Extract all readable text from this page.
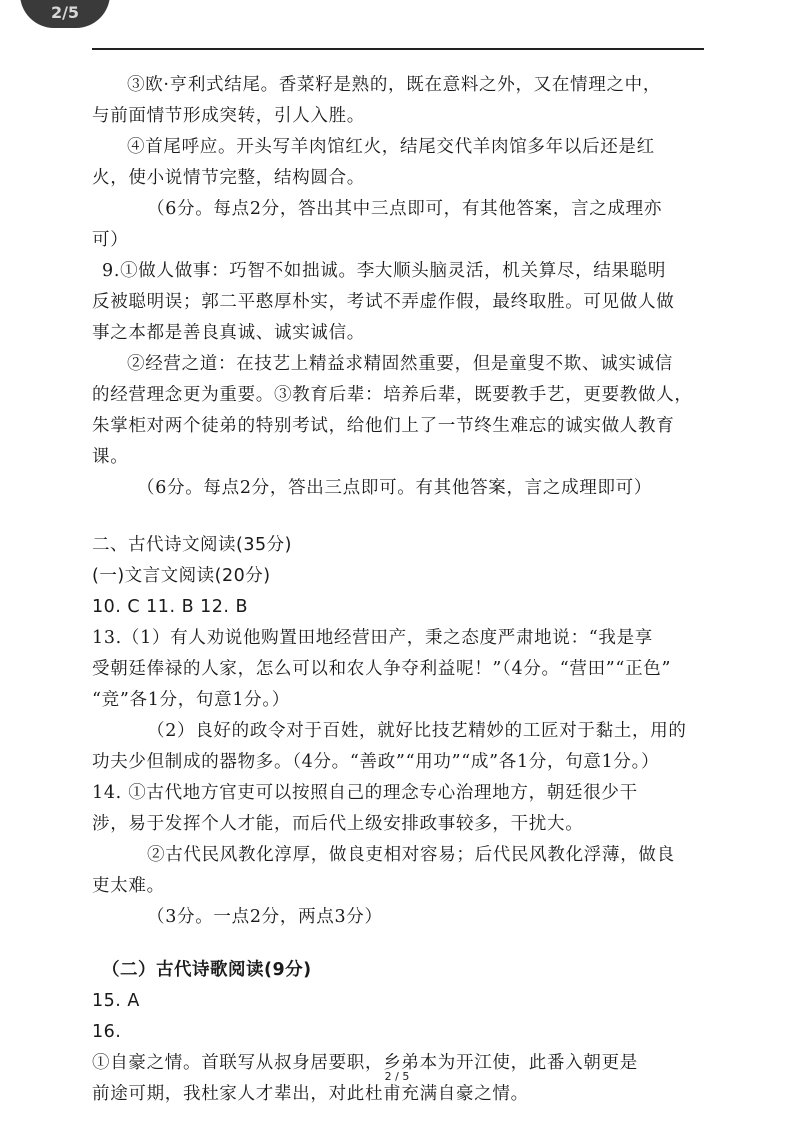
2/5

③欧·亨利式结尾。香菜籽是熟的，既在意料之外，又在情理之中，

与前面情节形成突转，引人入胜。

④首尾呼应。开头写羊肉馆红火，结尾交代羊肉馆多年以后还是红

火，使小说情节完整，结构圆合。

（6分。每点2分，答出其中三点即可，有其他答案，言之成理亦

可）

9.①做人做事：巧智不如拙诚。李大顺头脑灵活，机关算尽，结果聪明

反被聪明误；郭二平憨厚朴实，考试不弄虚作假，最终取胜。可见做人做

事之本都是善良真诚、诚实诚信。

②经营之道：在技艺上精益求精固然重要，但是童叟不欺、诚实诚信

的经营理念更为重要。③教育后辈：培养后辈，既要教手艺，更要教做人，

朱掌柜对两个徒弟的特别考试，给他们上了一节终生难忘的诚实做人教育

课。

（6分。每点2分，答出三点即可。有其他答案，言之成理即可）

二、古代诗文阅读(35分)

(一)文言文阅读(20分)

10. C 11. B 12. B

13.（1）有人劝说他购置田地经营田产，秉之态度严肃地说：“我是享

受朝廷俸禄的人家，怎么可以和农人争夺利益呢！”（4分。“营田”“正色”

“竞”各1分，句意1分。）

（2）良好的政令对于百姓，就好比技艺精妙的工匠对于黏土，用的

功夫少但制成的器物多。（4分。“善政”“用功”“成”各1分，句意1分。）

14. ①古代地方官吏可以按照自己的理念专心治理地方，朝廷很少干

涉，易于发挥个人才能，而后代上级安排政事较多，干扰大。

②古代民风教化淳厚，做良吏相对容易；后代民风教化浮薄，做良

吏太难。

（3分。一点2分，两点3分）

（二）古代诗歌阅读(9分)

15. A

16.

①自豪之情。首联写从叔身居要职，乡弟本为开江使，此番入朝更是

前途可期，我杜家人才辈出，对此杜甫充满自豪之情。

2 / 5
